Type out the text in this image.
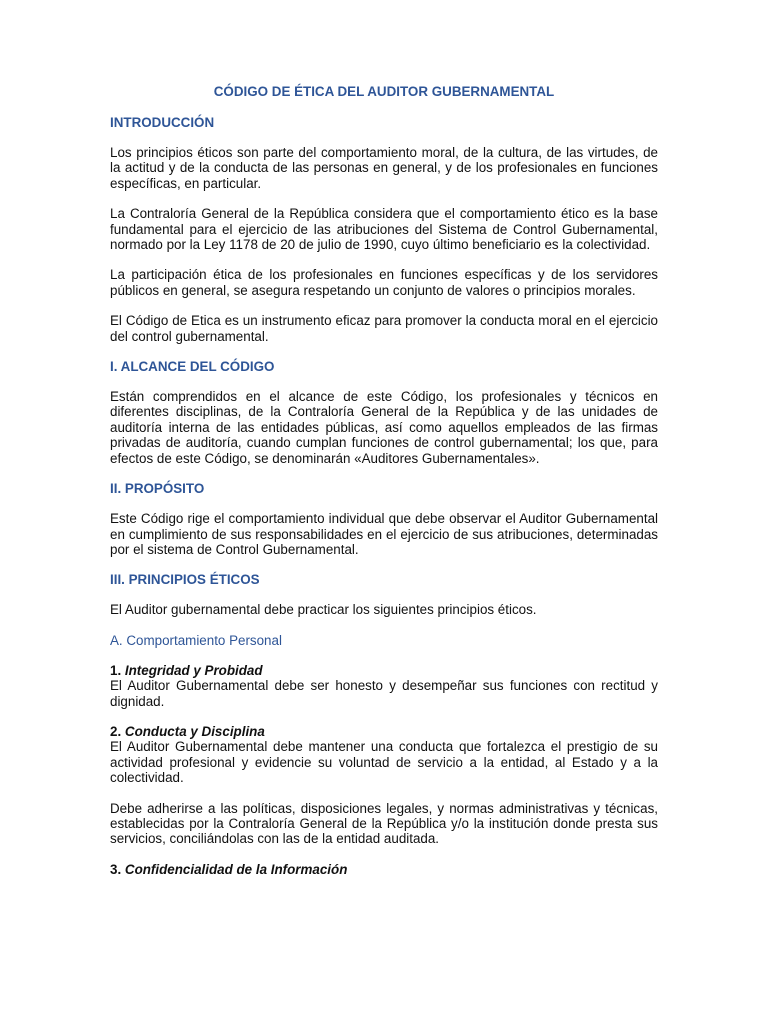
CÓDIGO DE ÉTICA DEL AUDITOR GUBERNAMENTAL
INTRODUCCIÓN

Los principios éticos son parte del comportamiento moral, de la cultura, de las virtudes, de la actitud y de la conducta de las personas en general, y de los profesionales en funciones específicas, en particular.

La Contraloría General de la República considera que el comportamiento ético es la base fundamental para el ejercicio de las atribuciones del Sistema de Control Gubernamental, normado por la Ley 1178 de 20 de julio de 1990, cuyo último beneficiario es la colectividad.

La participación ética de los profesionales en funciones específicas y de los servidores públicos en general, se asegura respetando un conjunto de valores o principios morales.

El Código de Etica es un instrumento eficaz para promover la conducta moral en el ejercicio del control gubernamental.

I. ALCANCE DEL CÓDIGO

Están comprendidos en el alcance de este Código, los profesionales y técnicos en diferentes disciplinas, de la Contraloría General de la República y de las unidades de auditoría interna de las entidades públicas, así como aquellos empleados de las firmas privadas de auditoría, cuando cumplan funciones de control gubernamental; los que, para efectos de este Código, se denominarán «Auditores Gubernamentales».

II. PROPÓSITO

Este Código rige el comportamiento individual que debe observar el Auditor Gubernamental en cumplimiento de sus responsabilidades en el ejercicio de sus atribuciones, determinadas por el sistema de Control Gubernamental.

III. PRINCIPIOS ÉTICOS

El Auditor gubernamental debe practicar los siguientes principios éticos.

A. Comportamiento Personal

1. Integridad y Probidad

El Auditor Gubernamental debe ser honesto y desempeñar sus funciones con rectitud y dignidad.

2. Conducta y Disciplina

El Auditor Gubernamental debe mantener una conducta que fortalezca el prestigio de su actividad profesional y evidencie su voluntad de servicio a la entidad, al Estado y a la colectividad.

Debe adherirse a las políticas, disposiciones legales, y normas administrativas y técnicas, establecidas por la Contraloría General de la República y/o la institución donde presta sus servicios, conciliándolas con las de la entidad auditada.

3. Confidencialidad de la Información
